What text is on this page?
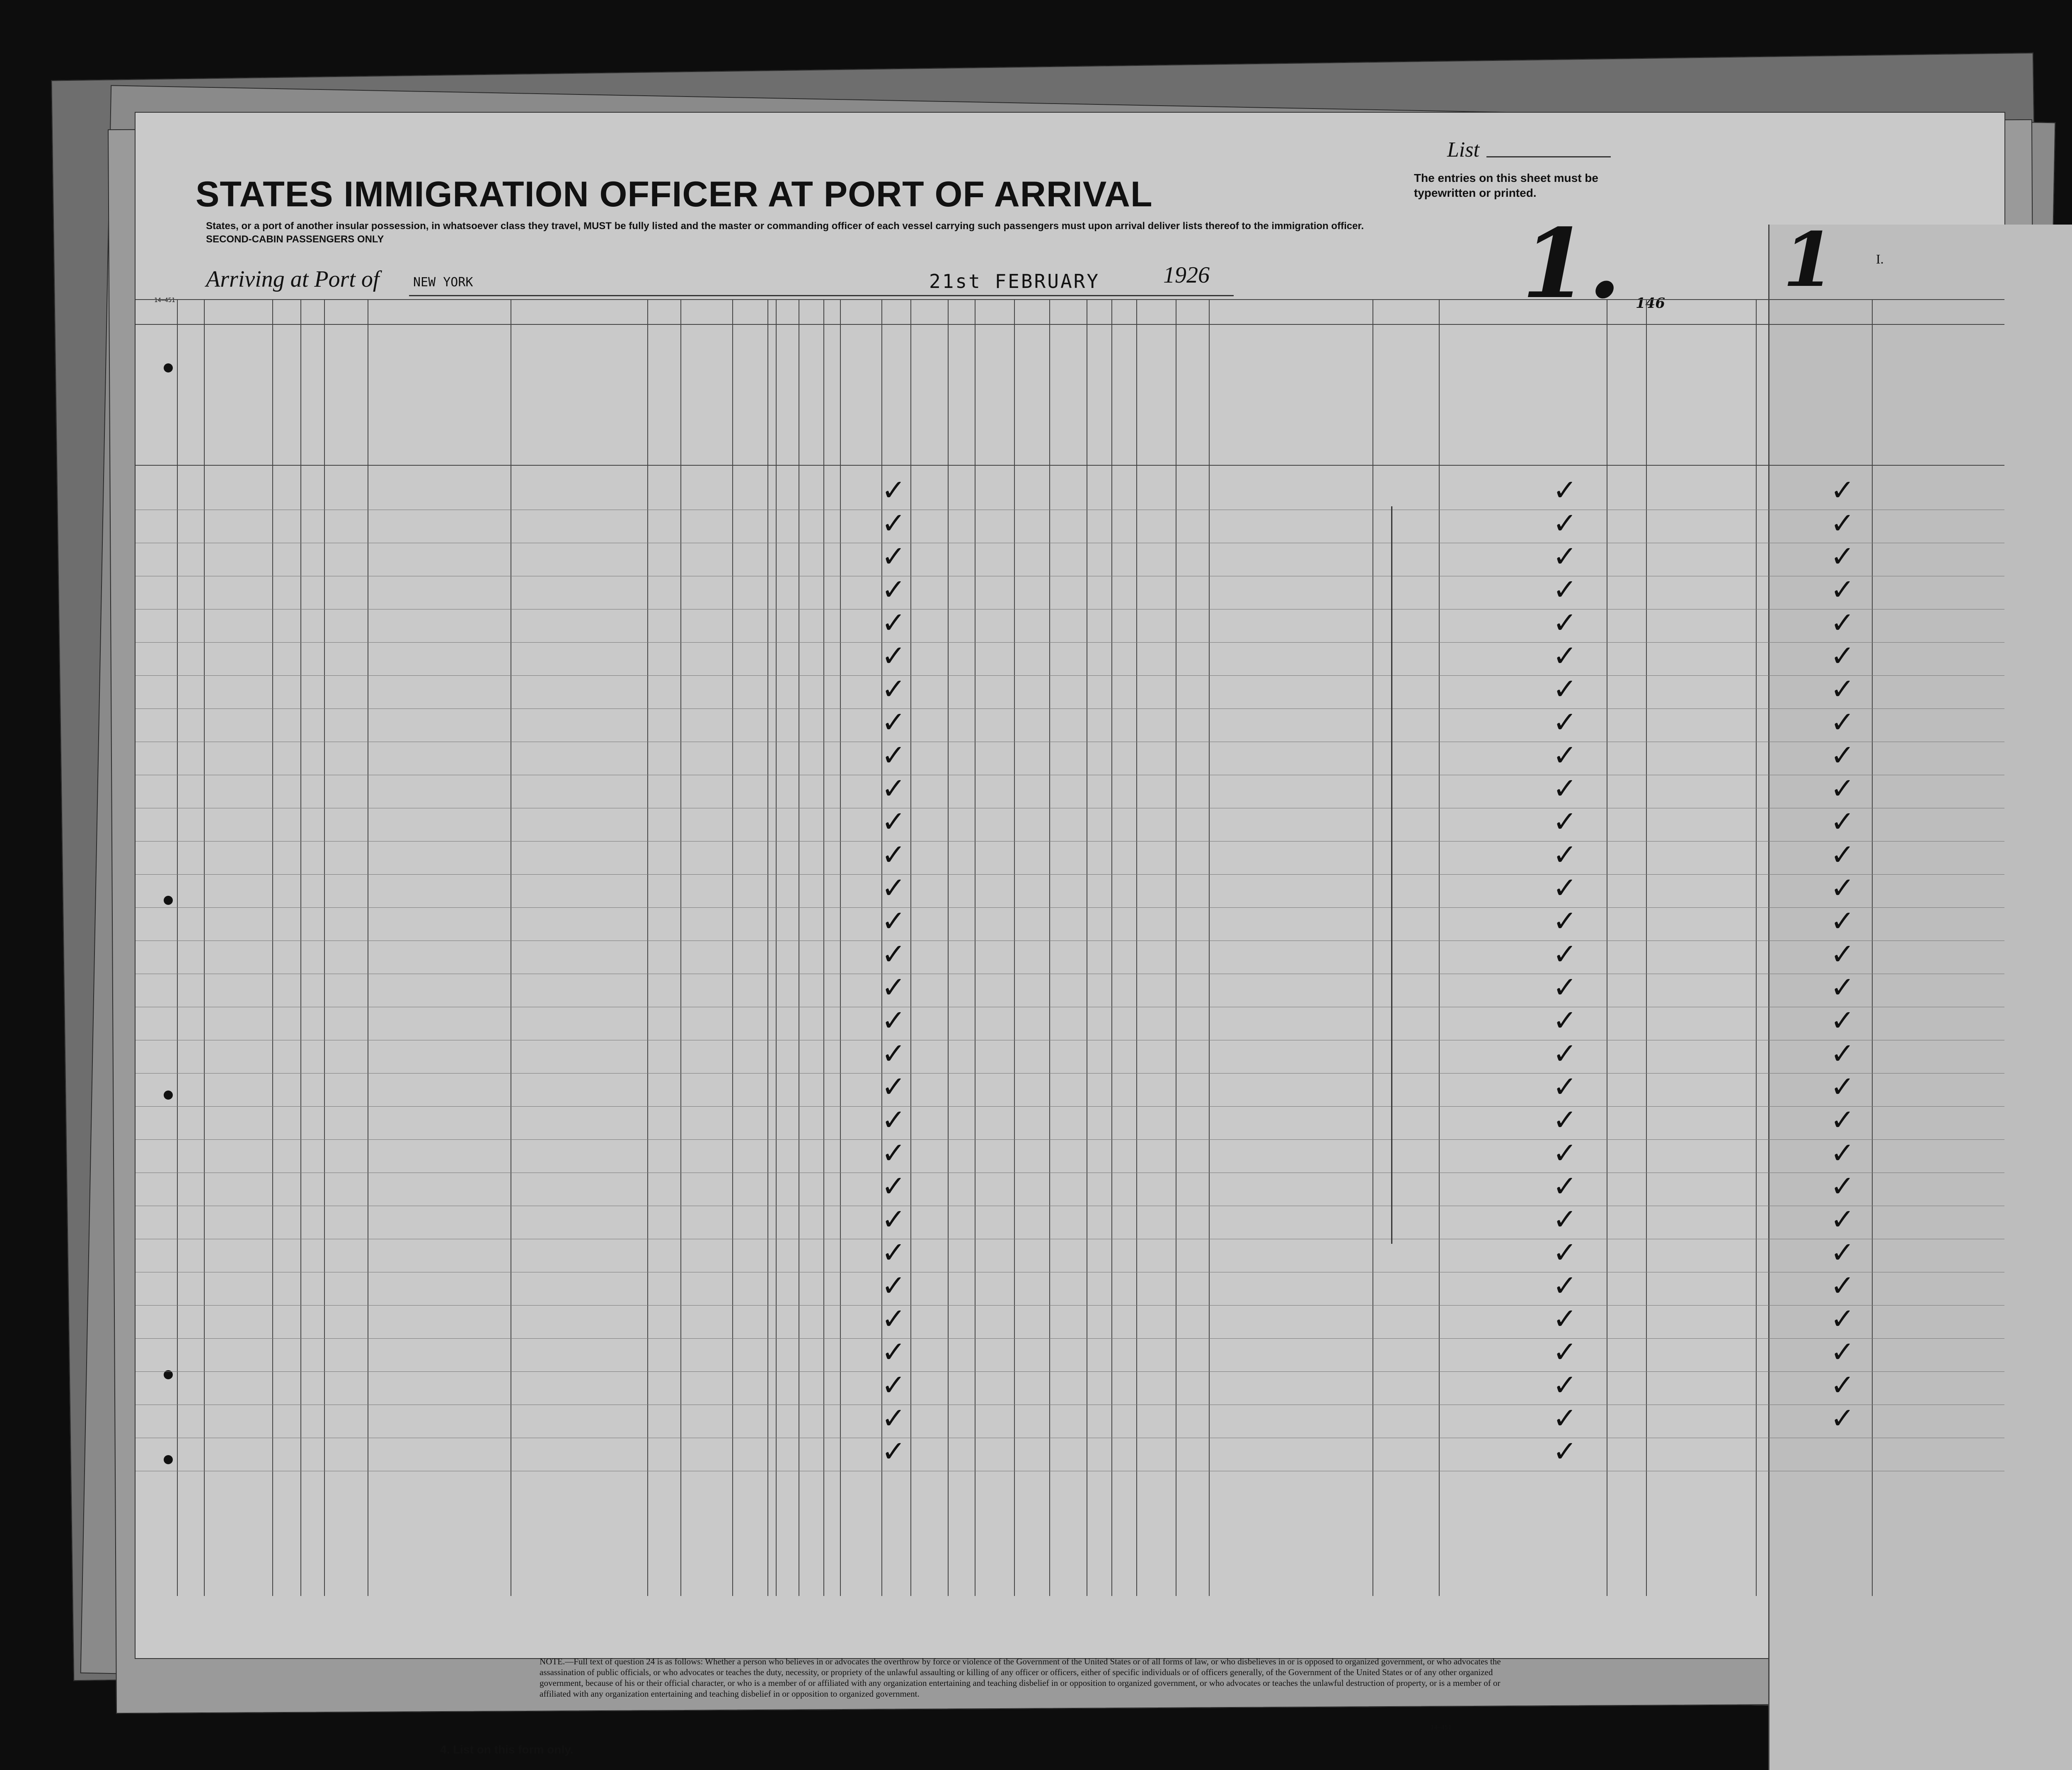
STATES IMMIGRATION OFFICER AT PORT OF ARRIVAL
States, or a port of another insular possession, in whatsoever class they travel, MUST be fully listed and the master or commanding officer of each vessel carrying such passengers must upon arrival deliver lists thereof to the immigration officer.
SECOND-CABIN PASSENGERS ONLY
List
The entries on this sheet must be typewritten or printed.
1. 146 1	I.
Arriving at Port of	NEW YORK	21st FEBRUARY	1926
14—451
✓	✓	✓
✓	✓	✓
✓	✓	✓
✓	✓	✓
✓	✓	✓
✓	✓	✓
✓	✓	✓
✓	✓	✓
✓	✓	✓
✓	✓	✓
✓	✓	✓
✓	✓	✓
✓	✓	✓
✓	✓	✓
✓	✓	✓
✓	✓	✓
✓	✓	✓
✓	✓	✓
✓	✓	✓
✓	✓	✓
✓	✓	✓
✓	✓	✓
✓	✓	✓
✓	✓	✓
✓	✓	✓
✓	✓	✓
✓	✓	✓
✓	✓	✓
✓	✓	✓
✓	✓
NOTE.—Full text of question 24 is as follows: Whether a person who believes in or advocates the overthrow by force or violence of the Government of the United States or of all forms of law, or who disbelieves in or is opposed to organized government, or who advocates the assassination of public officials, or who advocates or teaches the duty, necessity, or propriety of the unlawful assaulting or killing of any officer or officers, either of specific individuals or of officers generally, of the Government of the United States or of any other organized government, because of his or their official character, or who is a member of or affiliated with any organization entertaining and teaching disbelief in or opposition to organized government, or who advocates or teaches the unlawful destruction of property, or is a member of or affiliated with any organization entertaining and teaching disbelief in or opposition to organized government.
14—451
4. List on this form only.
